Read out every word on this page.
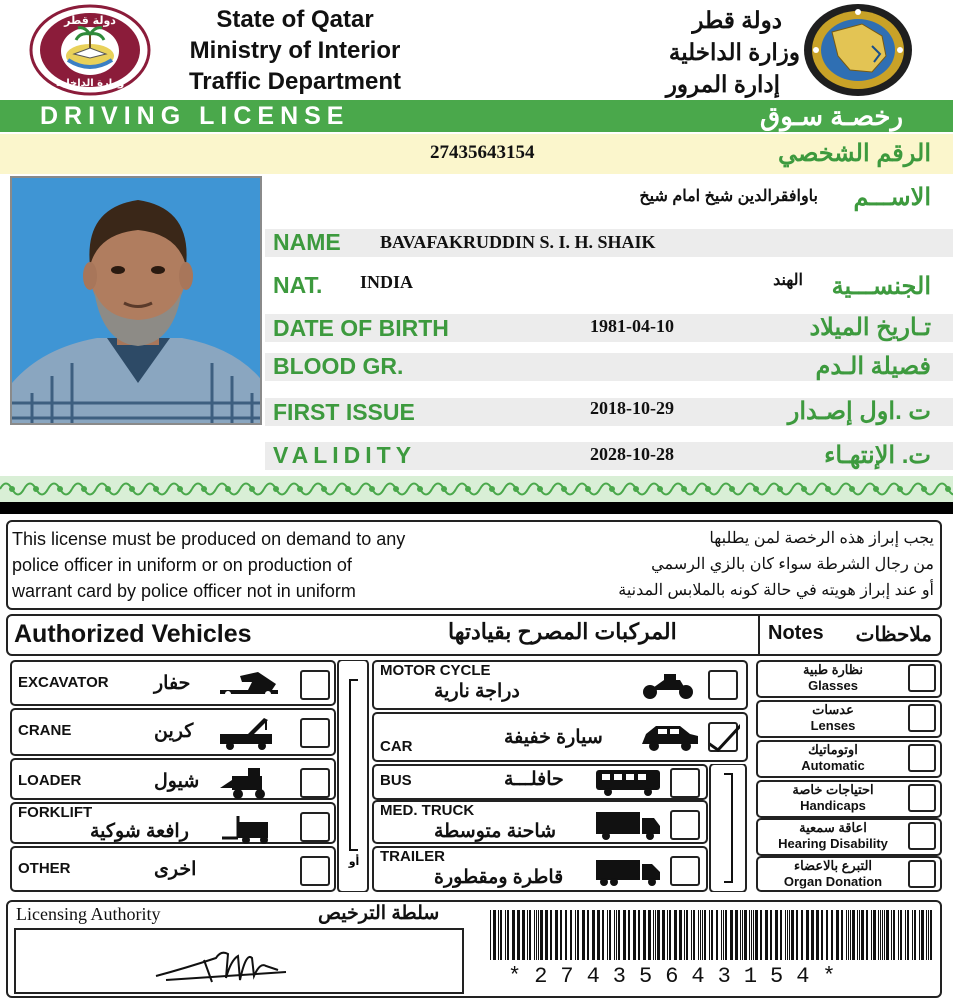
دولة قطر
وزارة الداخلية
State of Qatar
Ministry of Interior
Traffic Department
دولة قطر
وزارة الداخلية
إدارة المرور
DRIVING LICENSE	رخصـة سـوق
27435643154	الرقم الشخصي
باوافقرالدين شيخ امام شيخ الاســـم
NAME BAVAFAKRUDDIN S. I. H. SHAIK
NAT. INDIA	الهند الجنســـية
DATE OF BIRTH	1981-04-10	تـاريخ الميلاد
BLOOD GR.	فصيلة الـدم
FIRST ISSUE	2018-10-29	ت .اول إصـدار
VALIDITY	2028-10-28	ت. الإنتهـاء
This license must be produced on demand to any
police officer in uniform or on production of
warrant card by police officer not in uniform
يجب إبراز هذه الرخصة لمن يطلبها
من رجال الشرطة سواء كان بالزي الرسمي
أو عند إبراز هويته في حالة كونه بالملابس المدنية
Authorized Vehicles	المركبات المصرح بقيادتها	Notes ملاحظات
EXCAVATOR حفار
CRANE	كرين
LOADER	شيول
FORKLIFT
رافعة شوكية
OTHER	اخرى
MOTOR CYCLE
دراجة نارية
CAR	سيارة خفيفة
BUS	حافلـــة
MED. TRUCK
شاحنة متوسطة
TRAILER
قاطرة ومقطورة
نظارة طبية
Glasses
عدسات
Lenses
اوتوماتيك
Automatic
احتياجات خاصة
Handicaps
اعاقة سمعية
Hearing Disability
التبرع بالاعضاء
Organ Donation
أو
Licensing Authority	سلطة الترخيص
*27435643154*
